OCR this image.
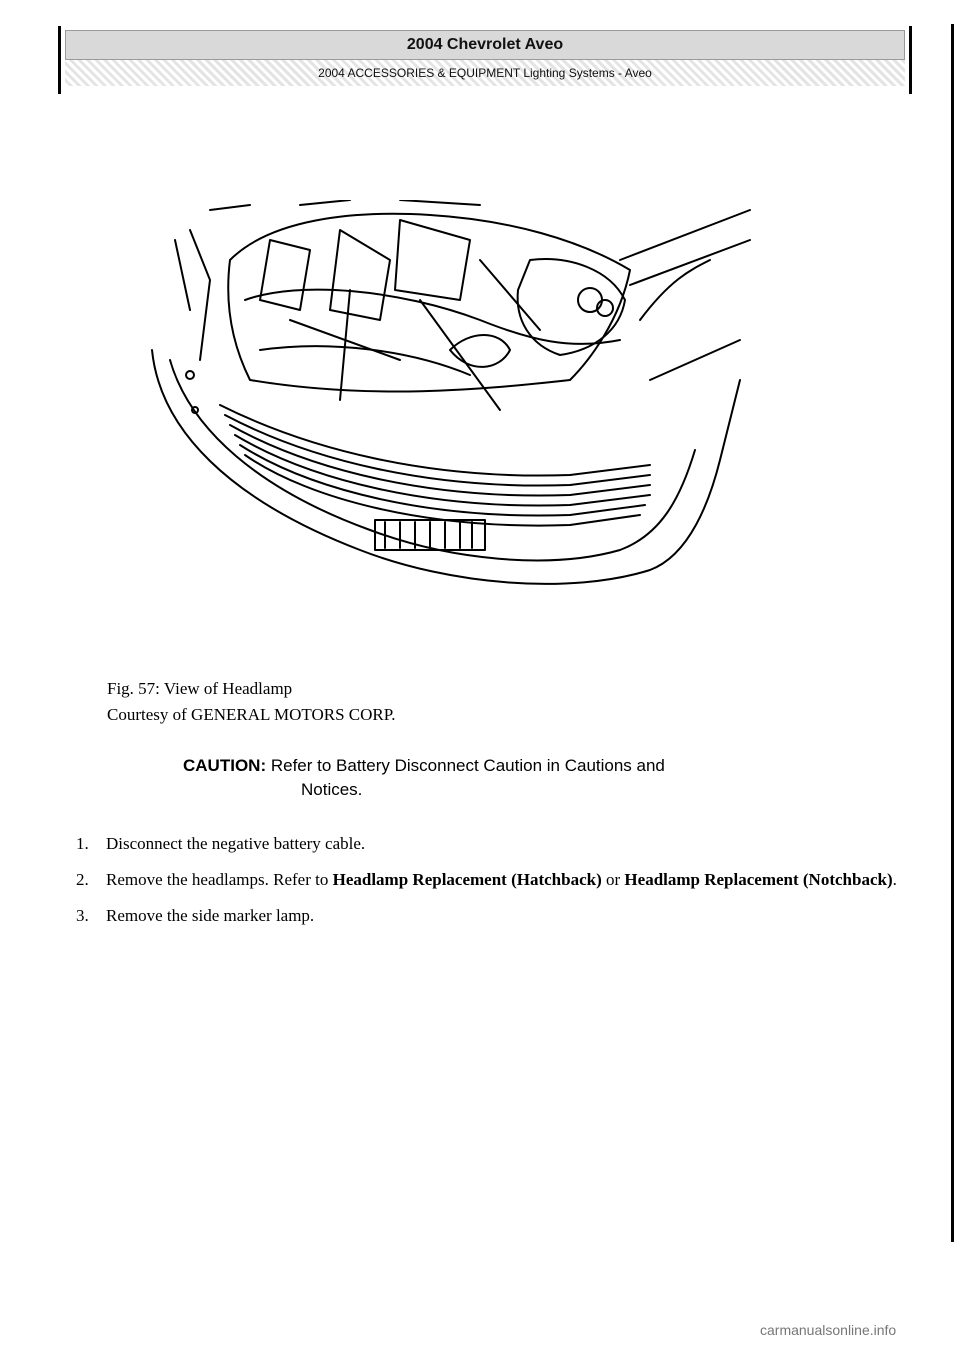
2004 Chevrolet Aveo
2004 ACCESSORIES & EQUIPMENT Lighting Systems - Aveo
Fig. 57: View of Headlamp
Courtesy of GENERAL MOTORS CORP.
CAUTION: Refer to Battery Disconnect Caution in Cautions and
Notices.
1. Disconnect the negative battery cable.
2. Remove the headlamps. Refer to Headlamp Replacement (Hatchback) or Headlamp Replacement (Notchback).
3. Remove the side marker lamp.
carmanualsonline.info
